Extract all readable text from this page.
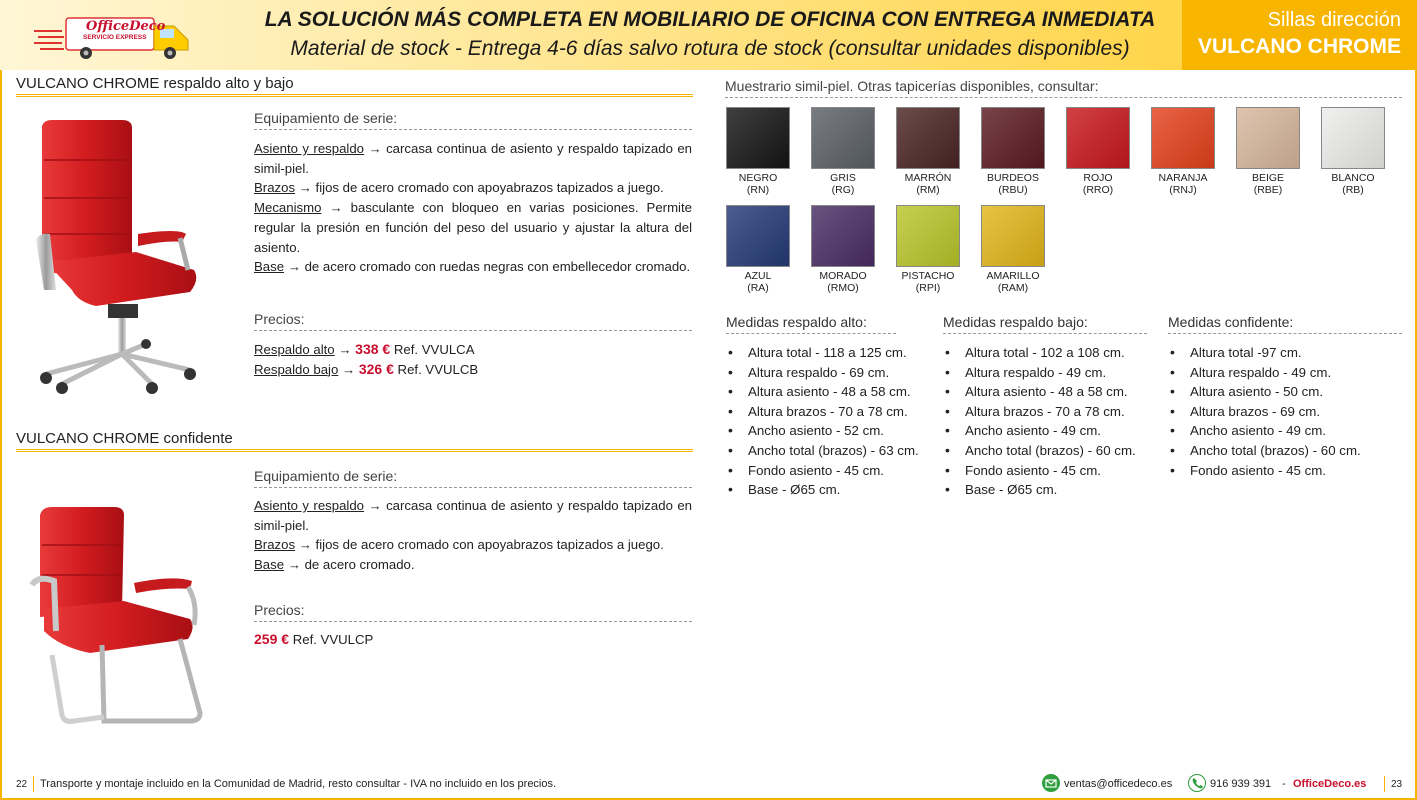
OfficeDeco
SERVICIO EXPRESS
LA SOLUCIÓN MÁS COMPLETA EN MOBILIARIO DE OFICINA CON ENTREGA INMEDIATA
Material de stock - Entrega 4-6 días salvo rotura de stock (consultar unidades disponibles)
Sillas dirección
VULCANO CHROME
VULCANO CHROME respaldo alto y bajo
Equipamiento de serie:

Asiento y respaldo → carcasa continua de asiento y respaldo tapizado en simil-piel.

Brazos → fijos de acero cromado con apoyabrazos tapizados a juego.

Mecanismo → basculante con bloqueo en varias posiciones. Permite regular la presión en función del peso del usuario y ajustar la altura del asiento.

Base → de acero cromado con ruedas negras con embellecedor cromado.

Precios:

Respaldo alto → 338 € Ref. VVULCA

Respaldo bajo → 326 € Ref. VVULCB

VULCANO CHROME confidente
Equipamiento de serie:

Asiento y respaldo → carcasa continua de asiento y respaldo tapizado en simil-piel.

Brazos → fijos de acero cromado con apoyabrazos tapizados a juego.

Base → de acero cromado.

Precios:
259 € Ref. VVULCP
Muestrario simil-piel. Otras tapicerías disponibles, consultar:
NEGRO
(RN)
GRIS
(RG)
MARRÓN
(RM)
BURDEOS
(RBU)
ROJO
(RRO)
NARANJA
(RNJ)
BEIGE
(RBE)
BLANCO
(RB)
AZUL
(RA)
MORADO
(RMO)
PISTACHO
(RPI)
AMARILLO
(RAM)
Medidas respaldo alto:
• Altura total - 118 a 125 cm.
• Altura respaldo - 69 cm.
• Altura asiento - 48 a 58 cm.
• Altura brazos - 70 a 78 cm.
• Ancho asiento - 52 cm.
• Ancho total (brazos) - 63 cm.
• Fondo asiento - 45 cm.
• Base - Ø65 cm.
Medidas respaldo bajo:
• Altura total - 102 a 108 cm.
• Altura respaldo - 49 cm.
• Altura asiento - 48 a 58 cm.
• Altura brazos - 70 a 78 cm.
• Ancho asiento - 49 cm.
• Ancho total (brazos) - 60 cm.
• Fondo asiento - 45 cm.
• Base - Ø65 cm.
Medidas confidente:
• Altura total -97 cm.
• Altura respaldo - 49 cm.
• Altura asiento - 50 cm.
• Altura brazos - 69 cm.
• Ancho asiento - 49 cm.
• Ancho total (brazos) - 60 cm.
• Fondo asiento - 45 cm.
22 Transporte y montaje incluido en la Comunidad de Madrid, resto consultar - IVA no incluido en los precios.	ventas@officedeco.es	916 939 391 - OfficeDeco.es 23
